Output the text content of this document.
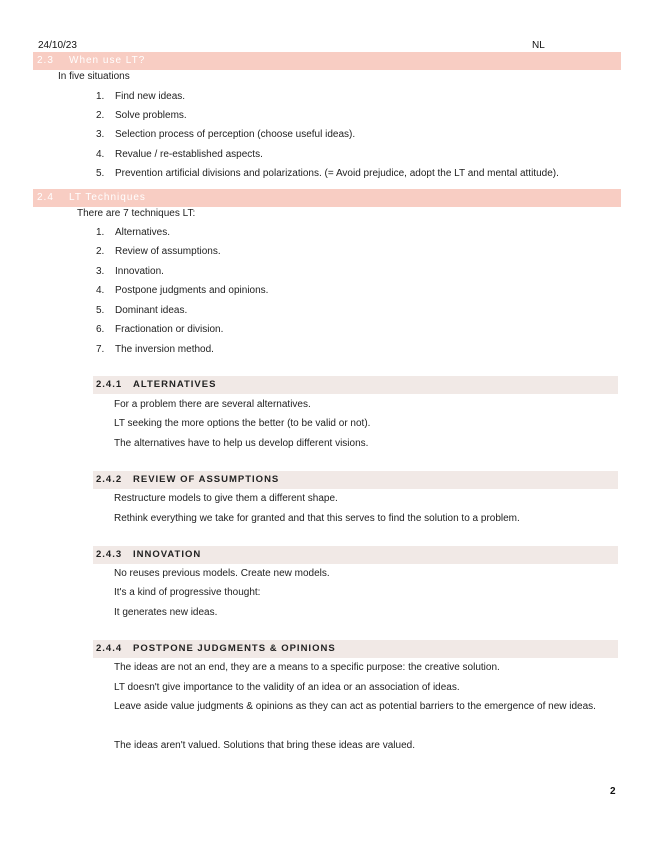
24/10/23	NL
2.3 When use LT?
In five situations
1. Find new ideas.
2. Solve problems.
3. Selection process of perception (choose useful ideas).
4. Revalue / re-established aspects.
5. Prevention artificial divisions and polarizations. (= Avoid prejudice, adopt the LT and mental attitude).
2.4 LT Techniques
There are 7 techniques LT:
1. Alternatives.
2. Review of assumptions.
3. Innovation.
4. Postpone judgments and opinions.
5. Dominant ideas.
6. Fractionation or division.
7. The inversion method.
2.4.1 ALTERNATIVES
For a problem there are several alternatives.
LT seeking the more options the better (to be valid or not).
The alternatives have to help us develop different visions.
2.4.2 REVIEW OF ASSUMPTIONS
Restructure models to give them a different shape.
Rethink everything we take for granted and that this serves to find the solution to a problem.
2.4.3 INNOVATION
No reuses previous models. Create new models.
It's a kind of progressive thought:
It generates new ideas.
2.4.4 POSTPONE JUDGMENTS & OPINIONS
The ideas are not an end, they are a means to a specific purpose: the creative solution.
LT doesn't give importance to the validity of an idea or an association of ideas.
Leave aside value judgments & opinions as they can act as potential barriers to the emergence of new ideas.
The ideas aren't valued. Solutions that bring these ideas are valued.
2
